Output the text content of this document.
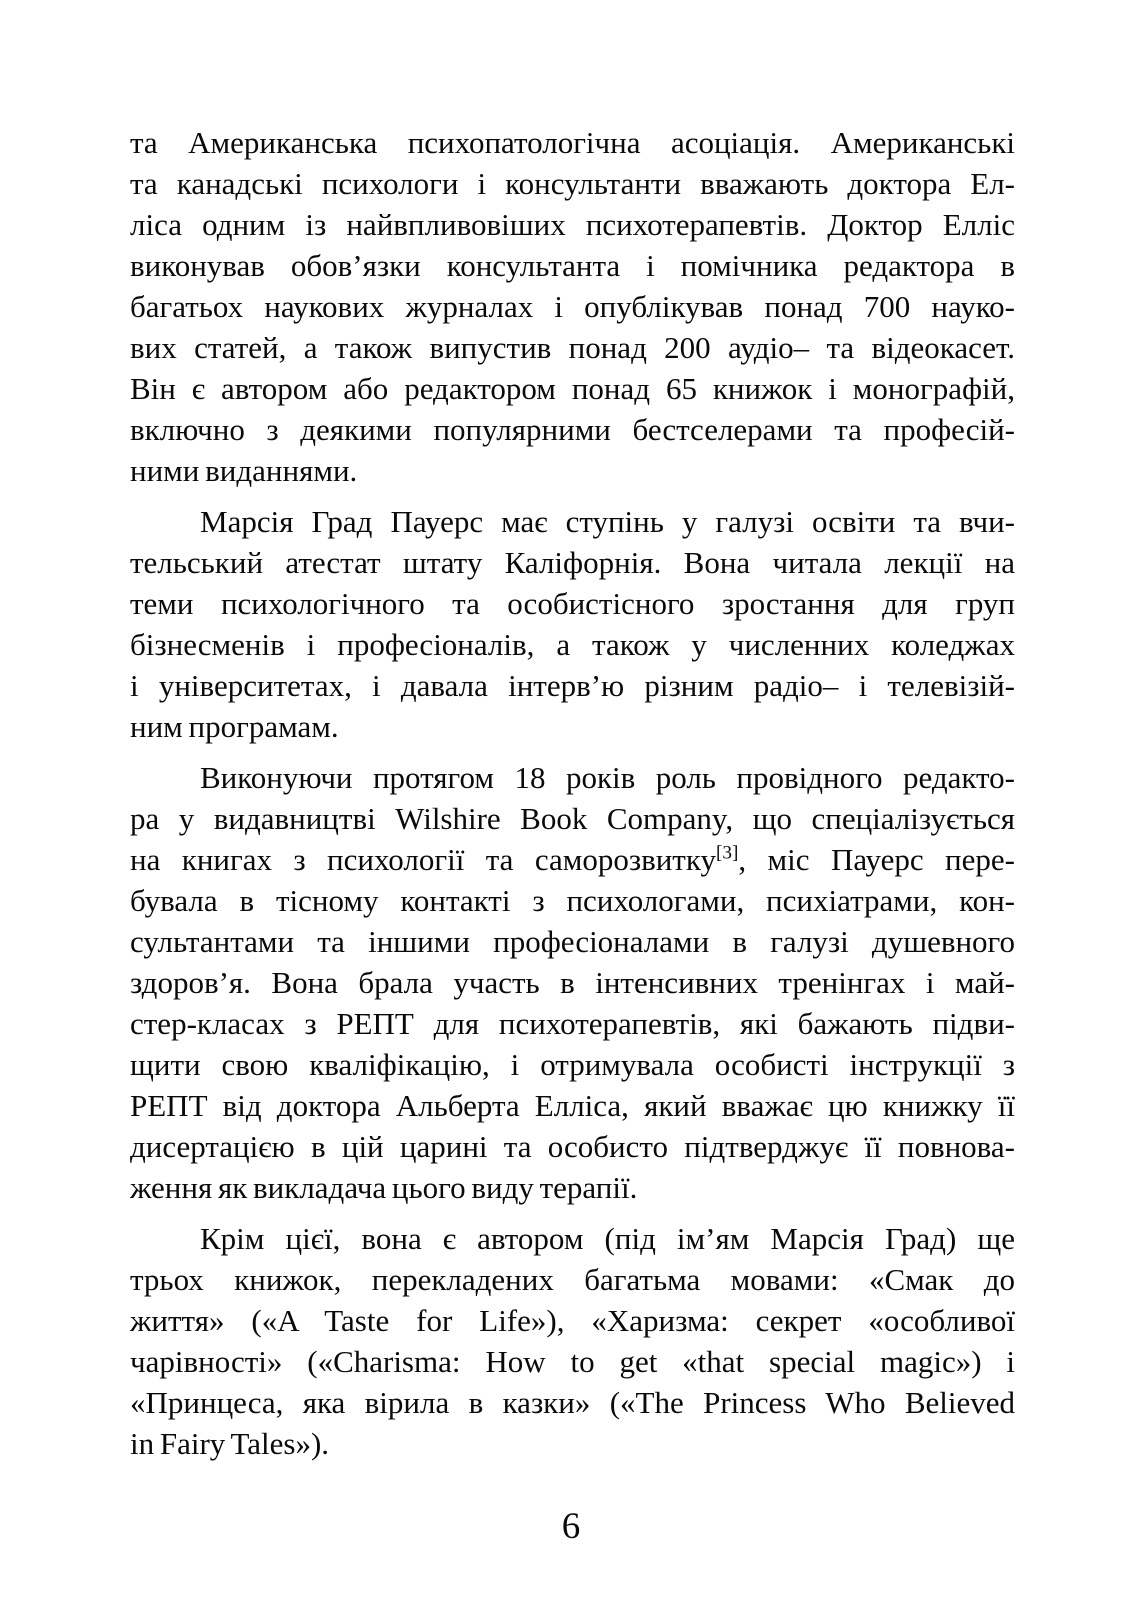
та Американська психопатологічна асоціація. Американські
та канадські психологи і консультанти вважають доктора Ел-
ліса одним із найвпливовіших психотерапевтів. Доктор Елліс
виконував обов’язки консультанта і помічника редактора в
багатьох наукових журналах і опублікував понад 700 науко-
вих статей, а також випустив понад 200 аудіо– та відеокасет.
Він є автором або редактором понад 65 книжок і монографій,
включно з деякими популярними бестселерами та професій-
ними виданнями.
Марсія Град Пауерс має ступінь у галузі освіти та вчи-
тельський атестат штату Каліфорнія. Вона читала лекції на
теми психологічного та особистісного зростання для груп
бізнесменів і професіоналів, а також у численних коледжах
і університетах, і давала інтерв’ю різним радіо– і телевізій-
ним програмам.
Виконуючи протягом 18 років роль провідного редакто-
ра у видавництві Wilshire Book Company, що спеціалізується
на книгах з психології та саморозвитку[3], міс Пауерс пере-
бувала в тісному контакті з психологами, психіатрами, кон-
сультантами та іншими професіоналами в галузі душевного
здоров’я. Вона брала участь в інтенсивних тренінгах і май-
стер-класах з РЕПТ для психотерапевтів, які бажають підви-
щити свою кваліфікацію, і отримувала особисті інструкції з
РЕПТ від доктора Альберта Елліса, який вважає цю книжку її
дисертацією в цій царині та особисто підтверджує її повнова-
ження як викладача цього виду терапії.
Крім цієї, вона є автором (під ім’ям Марсія Град) ще
трьох книжок, перекладених багатьма мовами: «Смак до
життя» («A Taste for Life»), «Харизма: секрет «особливої
чарівності» («Charisma: How to get «that special magic») і
«Принцеса, яка вірила в казки» («The Princess Who Believed
in Fairy Tales»).
6
